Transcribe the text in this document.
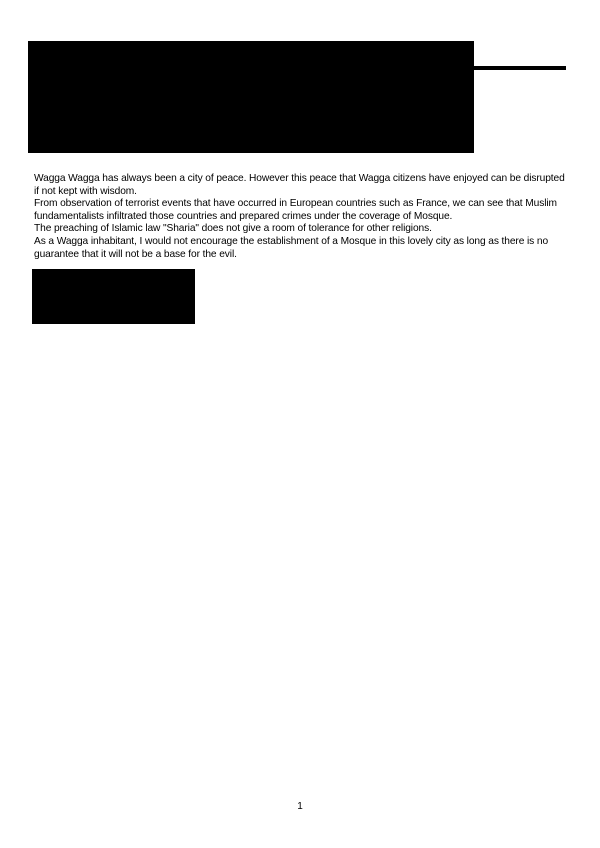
Wagga Wagga has always been a city of peace. However this peace that Wagga citizens have enjoyed can be disrupted if not kept with wisdom.

From observation of terrorist events that have occurred in European countries such as France, we can see that Muslim fundamentalists infiltrated those countries and prepared crimes under the coverage of Mosque.

The preaching of Islamic law "Sharia" does not give a room of tolerance for other religions.

As a Wagga inhabitant, I would not encourage the establishment of a Mosque in this lovely city as long as there is no guarantee that it will not be a base for the evil.

1
